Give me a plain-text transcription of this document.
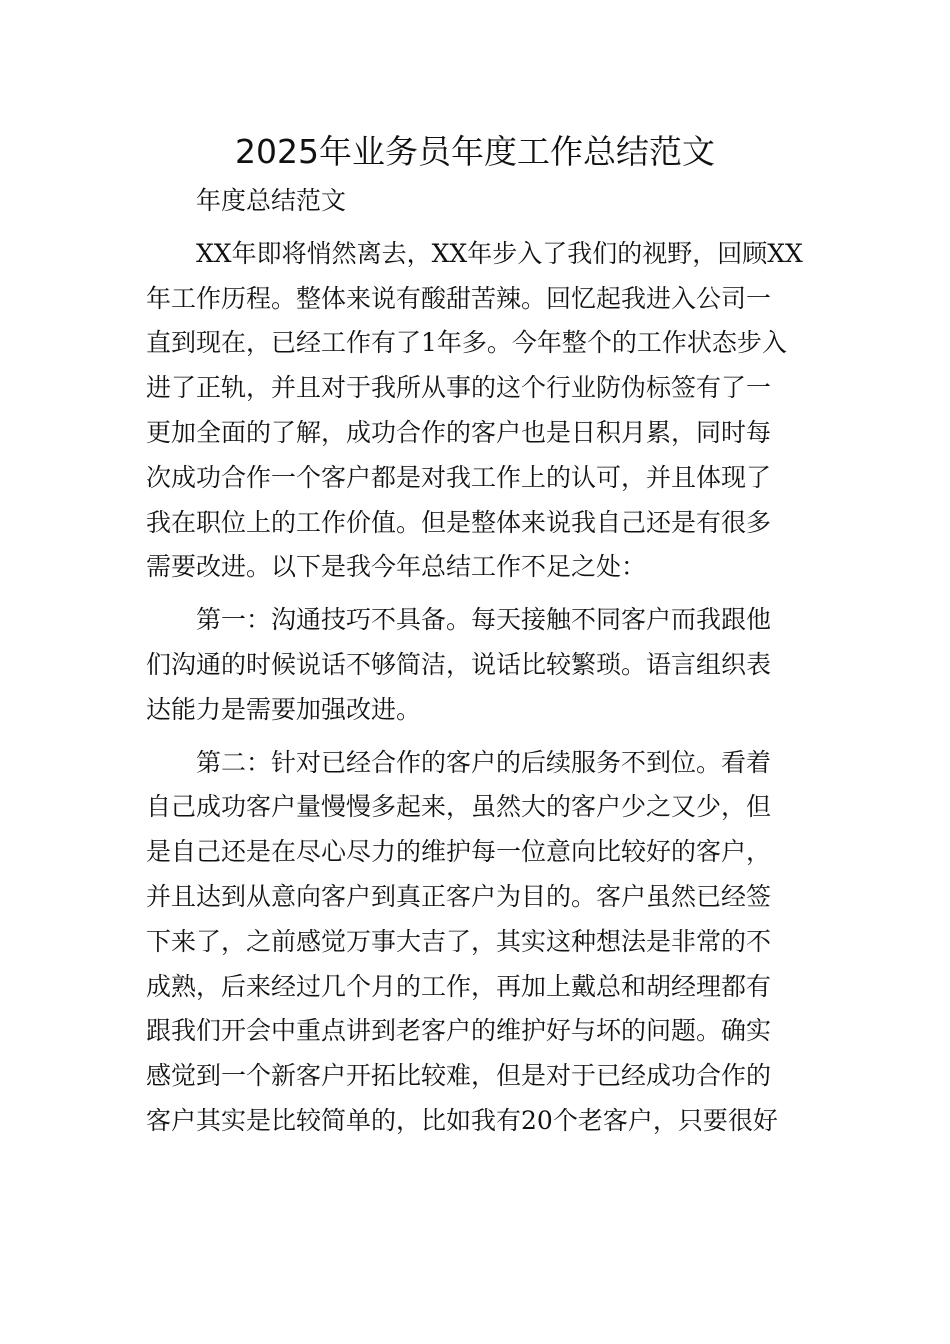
2025年业务员年度工作总结范文
年度总结范文
XX年即将悄然离去，XX年步入了我们的视野，回顾XX
年工作历程。整体来说有酸甜苦辣。回忆起我进入公司一
直到现在，已经工作有了1年多。今年整个的工作状态步入
进了正轨，并且对于我所从事的这个行业防伪标签有了一
更加全面的了解，成功合作的客户也是日积月累，同时每
次成功合作一个客户都是对我工作上的认可，并且体现了
我在职位上的工作价值。但是整体来说我自己还是有很多
需要改进。以下是我今年总结工作不足之处：
第一：沟通技巧不具备。每天接触不同客户而我跟他
们沟通的时候说话不够简洁，说话比较繁琐。语言组织表
达能力是需要加强改进。
第二：针对已经合作的客户的后续服务不到位。看着
自己成功客户量慢慢多起来，虽然大的客户少之又少，但
是自己还是在尽心尽力的维护每一位意向比较好的客户，
并且达到从意向客户到真正客户为目的。客户虽然已经签
下来了，之前感觉万事大吉了，其实这种想法是非常的不
成熟，后来经过几个月的工作，再加上戴总和胡经理都有
跟我们开会中重点讲到老客户的维护好与坏的问题。确实
感觉到一个新客户开拓比较难，但是对于已经成功合作的
客户其实是比较简单的，比如我有20个老客户，只要很好
